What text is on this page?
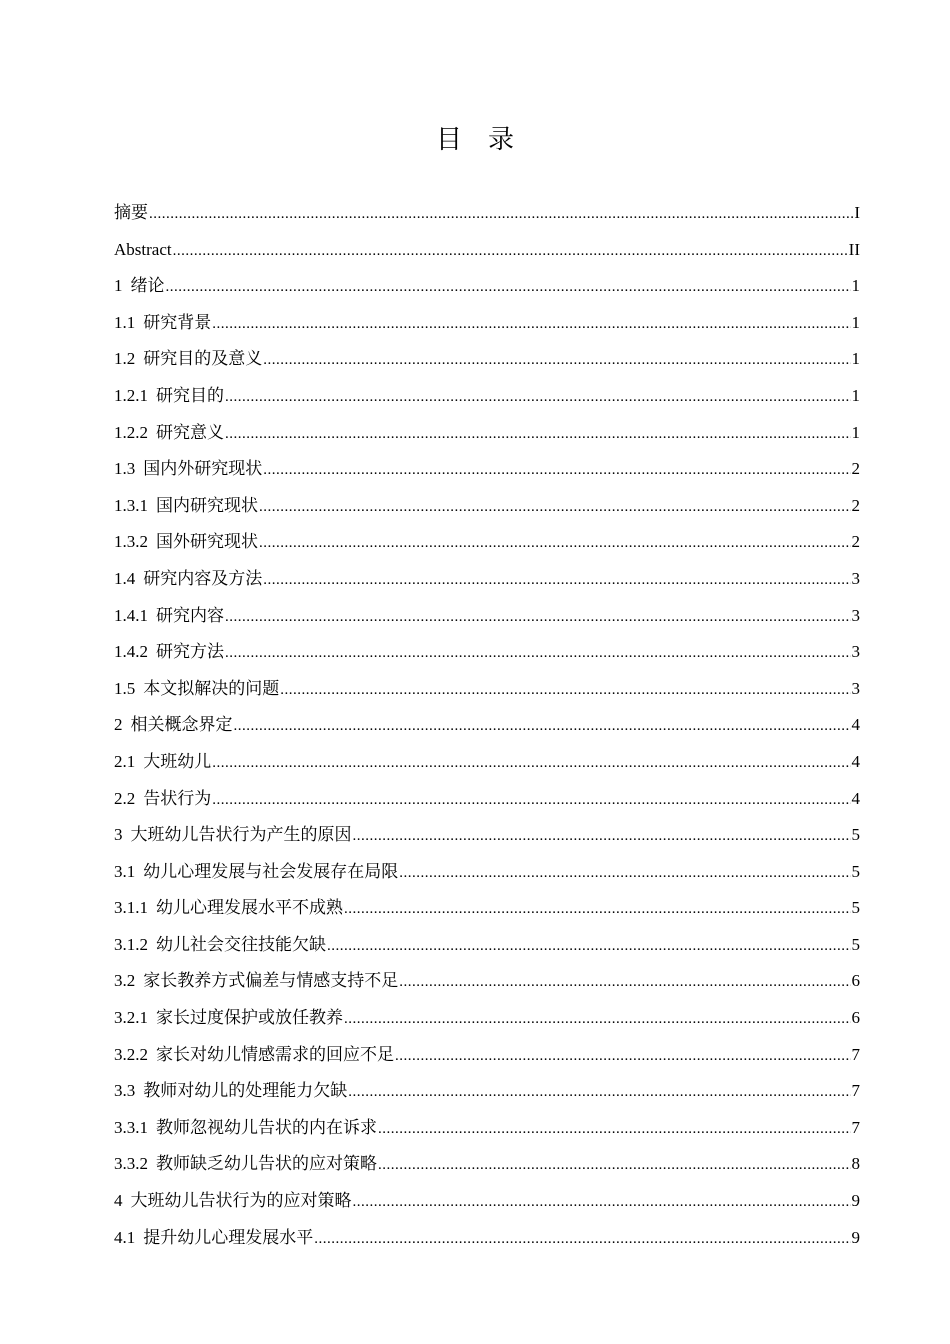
目 录
摘要 .....	I
Abstract .....	II
1 绪论 .....	1
1.1 研究背景 .....	1
1.2 研究目的及意义 .....	1
1.2.1 研究目的 .....	1
1.2.2 研究意义 .....	1
1.3 国内外研究现状 .....	2
1.3.1 国内研究现状 .....	2
1.3.2 国外研究现状 .....	2
1.4 研究内容及方法 .....	3
1.4.1 研究内容 .....	3
1.4.2 研究方法 .....	3
1.5 本文拟解决的问题 .....	3
2 相关概念界定 .....	4
2.1 大班幼儿 .....	4
2.2 告状行为 .....	4
3 大班幼儿告状行为产生的原因 .....	5
3.1 幼儿心理发展与社会发展存在局限 .....	5
3.1.1 幼儿心理发展水平不成熟 .....	5
3.1.2 幼儿社会交往技能欠缺 .....	5
3.2 家长教养方式偏差与情感支持不足 .....	6
3.2.1 家长过度保护或放任教养 .....	6
3.2.2 家长对幼儿情感需求的回应不足 .....	7
3.3 教师对幼儿的处理能力欠缺 .....	7
3.3.1 教师忽视幼儿告状的内在诉求 .....	7
3.3.2 教师缺乏幼儿告状的应对策略 .....	8
4 大班幼儿告状行为的应对策略 .....	9
4.1 提升幼儿心理发展水平 .....	9
